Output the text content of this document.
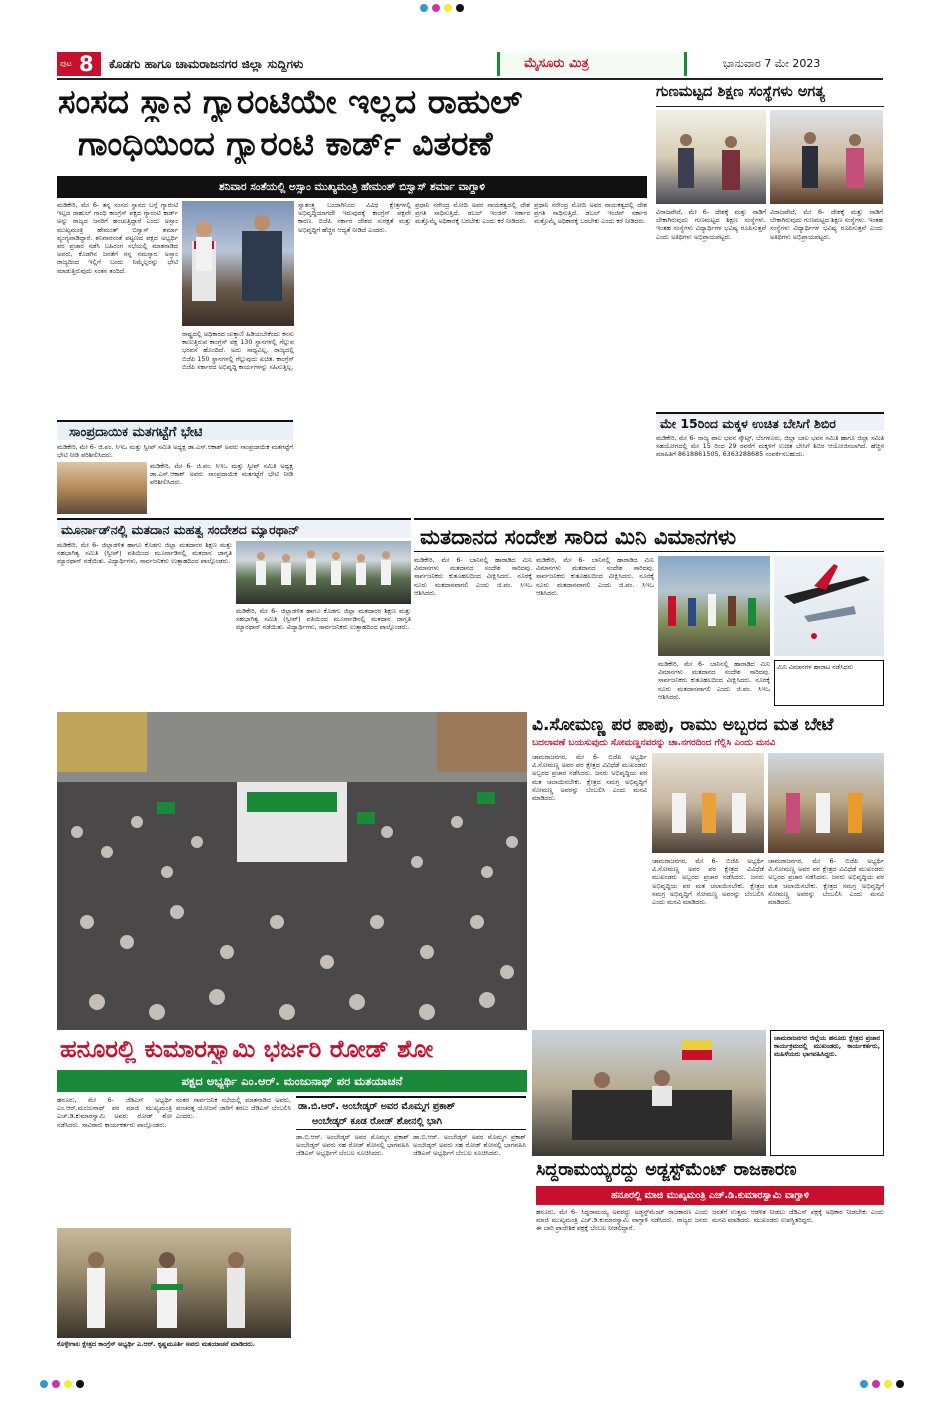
ಪುಟ 8 ಕೊಡಗು ಹಾಗೂ ಚಾಮರಾಜನಗರ ಜಿಲ್ಲಾ ಸುದ್ದಿಗಳು	ಮೈಸೂರು ಮಿತ್ರ	ಭಾನುವಾರ 7 ಮೇ 2023
ಸಂಸದ ಸ್ಥಾನ ಗ್ಯಾರಂಟಿಯೇ ಇಲ್ಲದ ರಾಹುಲ್
ಗಾಂಧಿಯಿಂದ ಗ್ಯಾರಂಟಿ ಕಾರ್ಡ್ ವಿತರಣೆ
ಶನಿವಾರ ಸಂತೆಯಲ್ಲಿ ಅಸ್ಸಾಂ ಮುಖ್ಯಮಂತ್ರಿ ಹೇಮಂತ್ ಬಿಸ್ವಾಸ್ ಶರ್ಮಾ ವಾಗ್ದಾಳಿ
ಮಡಿಕೇರಿ, ಮೇ 6- ತನ್ನ ಸಂಸದ ಸ್ಥಾನದ ಬಗ್ಗೆ ಗ್ಯಾರಂಟಿ ಇಲ್ಲದ ರಾಹುಲ್ ಗಾಂಧಿ ಕಾಂಗ್ರೆಸ್ ಪಕ್ಷದ ಗ್ಯಾರಂಟಿ ಕಾರ್ಡ್ ಅನ್ನು ರಾಜ್ಯದ ಜನರಿಗೆ ಹಂಚುತ್ತಿದ್ದಾರೆ ಎಂದು ಅಸ್ಸಾಂ ಮುಖ್ಯಮಂತ್ರಿ ಹೇಮಂತ್ ಬಿಸ್ವಾಸ್ ಶರ್ಮಾ ವ್ಯಂಗ್ಯವಾಡಿದ್ದಾರೆ. ಶನಿವಾರಸಂತೆ ಪಟ್ಟಣದ ಪಕ್ಷದ ಅಭ್ಯರ್ಥಿ ಪರ ಪ್ರಚಾರ ನಡೆಸಿ ಬಹಿರಂಗ ಸಭೆಯಲ್ಲಿ ಮಾತನಾಡಿದ ಅವರು, ಕೊಡಗಿನ ಜನತೆಗೆ ನನ್ನ ನಮಸ್ಕಾರ. ಅಸ್ಸಾಂ ರಾಜ್ಯದಿಂದ ಇಲ್ಲಿಗೆ ಬಂದು ನಿಮ್ಮೆಲ್ಲರನ್ನು ಭೇಟಿ ಮಾಡುತ್ತಿರುವುದು ಸಂತಸ ತಂದಿದೆ.
ರಾಷ್ಟ್ರದಲ್ಲಿ ಅಧಿಕಾರದ ಚುಕ್ಕಾಣಿ ಹಿಡಿಯಬೇಕೆಂದು ಕನಸು ಕಾಣುತ್ತಿರುವ ಕಾಂಗ್ರೆಸ್ ಪಕ್ಷ 130 ಸ್ಥಾನಗಳಲ್ಲಿ ಗೆಲ್ಲುವ ಭರವಸೆ ಹೊಂದಿದೆ. ಅದು ಸಾಧ್ಯವಿಲ್ಲ. ರಾಜ್ಯದಲ್ಲಿ ಬಿಜೆಪಿ 150 ಸ್ಥಾನಗಳಲ್ಲಿ ಗೆಲ್ಲುವುದು ಖಚಿತ. ಕಾಂಗ್ರೆಸ್ ಬಿಜೆಪಿ ಸರ್ಕಾರದ ಅಭಿವೃದ್ಧಿ ಕಾರ್ಯಗಳನ್ನು ಸಹಿಸುತ್ತಿಲ್ಲ.
ಸ್ವಾತಂತ್ರ್ಯ ಬಂದಾಗಿನಿಂದ ವಿವಿಧ ಕ್ಷೇತ್ರಗಳಲ್ಲಿ ಅಭಿವೃದ್ಧಿಯಾಗದೇ ಇರುವುದಕ್ಕೆ ಕಾಂಗ್ರೆಸ್ ಪಕ್ಷವೇ ಕಾರಣ. ಬಿಜೆಪಿ ಸರ್ಕಾರ ದೇಶದ ಸುರಕ್ಷತೆ ಮತ್ತು ಅಭಿವೃದ್ಧಿಗೆ ಹೆಚ್ಚಿನ ಆದ್ಯತೆ ನೀಡಿದೆ ಎಂದರು.
ಪ್ರಧಾನಿ ನರೇಂದ್ರ ಮೋದಿ ಅವರ ನಾಯಕತ್ವದಲ್ಲಿ ದೇಶ ಪ್ರಗತಿ ಸಾಧಿಸುತ್ತಿದೆ. ಡಬಲ್ ಇಂಜಿನ್ ಸರ್ಕಾರ ಮತ್ತೊಮ್ಮೆ ಅಧಿಕಾರಕ್ಕೆ ಬರಬೇಕು ಎಂದು ಕರೆ ನೀಡಿದರು.
ಪ್ರಧಾನಿ ನರೇಂದ್ರ ಮೋದಿ ಅವರ ನಾಯಕತ್ವದಲ್ಲಿ ದೇಶ ಪ್ರಗತಿ ಸಾಧಿಸುತ್ತಿದೆ. ಡಬಲ್ ಇಂಜಿನ್ ಸರ್ಕಾರ ಮತ್ತೊಮ್ಮೆ ಅಧಿಕಾರಕ್ಕೆ ಬರಬೇಕು ಎಂದು ಕರೆ ನೀಡಿದರು.
ಸಾಂಪ್ರದಾಯಿಕ ಮತಗಟ್ಟೆಗೆ ಭೇಟಿ
ಮಡಿಕೇರಿ, ಮೇ 6- ಜಿ.ಪಂ. ಸಿಇಒ ಮತ್ತು ಸ್ವೀಪ್ ಸಮಿತಿ ಅಧ್ಯಕ್ಷ ಡಾ.ಎಸ್.ಆಕಾಶ್ ಅವರು ಸಾಂಪ್ರದಾಯಿಕ ಮತಗಟ್ಟೆಗೆ ಭೇಟಿ ನೀಡಿ ಪರಿಶೀಲಿಸಿದರು.
ಮಡಿಕೇರಿ, ಮೇ 6- ಜಿ.ಪಂ. ಸಿಇಒ ಮತ್ತು ಸ್ವೀಪ್ ಸಮಿತಿ ಅಧ್ಯಕ್ಷ ಡಾ.ಎಸ್.ಆಕಾಶ್ ಅವರು ಸಾಂಪ್ರದಾಯಿಕ ಮತಗಟ್ಟೆಗೆ ಭೇಟಿ ನೀಡಿ ಪರಿಶೀಲಿಸಿದರು.
ಗುಣಮಟ್ಟದ ಶಿಕ್ಷಣ ಸಂಸ್ಥೆಗಳು ಅಗತ್ಯ
ವಿರಾಜಪೇಟೆ, ಮೇ 6- ದೇಶಕ್ಕೆ ಮತ್ತು ನಾಡಿಗೆ ಬೇಕಾಗಿರುವುದು ಗುಣಮಟ್ಟದ ಶಿಕ್ಷಣ ಸಂಸ್ಥೆಗಳು. ಇಂತಹ ಸಂಸ್ಥೆಗಳು ವಿದ್ಯಾರ್ಥಿಗಳ ಭವಿಷ್ಯ ರೂಪಿಸುತ್ತವೆ ಎಂದು ಅತಿಥಿಗಳು ಅಭಿಪ್ರಾಯಪಟ್ಟರು.
ವಿರಾಜಪೇಟೆ, ಮೇ 6- ದೇಶಕ್ಕೆ ಮತ್ತು ನಾಡಿಗೆ ಬೇಕಾಗಿರುವುದು ಗುಣಮಟ್ಟದ ಶಿಕ್ಷಣ ಸಂಸ್ಥೆಗಳು. ಇಂತಹ ಸಂಸ್ಥೆಗಳು ವಿದ್ಯಾರ್ಥಿಗಳ ಭವಿಷ್ಯ ರೂಪಿಸುತ್ತವೆ ಎಂದು ಅತಿಥಿಗಳು ಅಭಿಪ್ರಾಯಪಟ್ಟರು.
ಮೇ 15ರಿಂದ ಮಕ್ಕಳ ಉಚಿತ ಬೇಸಿಗೆ ಶಿಬಿರ
ಮಡಿಕೇರಿ, ಮೇ 6- ರಾಜ್ಯ ಪಾಲ ಭವನ ಸ್ಕೌಟ್ಸ್, ಬೆಂಗಳೂರು, ಜಿಲ್ಲಾ ಬಾಲ ಭವನ ಸಮಿತಿ ಹಾಗೂ ಜಿಲ್ಲಾ ಸಮಿತಿ ಸಹಯೋಗದಲ್ಲಿ ಮೇ 15 ರಿಂದ 29 ರವರೆಗೆ ಮಕ್ಕಳಿಗೆ ಉಚಿತ ಬೇಸಿಗೆ ಶಿಬಿರ ಆಯೋಜಿಸಲಾಗಿದೆ. ಹೆಚ್ಚಿನ ಮಾಹಿತಿಗೆ 8618861505, 6363288685 ಸಂಪರ್ಕಿಸಬಹುದು.
ಮೂರ್ನಾಡ್‌ನಲ್ಲಿ ಮತದಾನ ಮಹತ್ವ ಸಂದೇಶದ ಮ್ಯಾರಥಾನ್
ಮಡಿಕೇರಿ, ಮೇ 6- ಜಿಲ್ಲಾಡಳಿತ ಹಾಗೂ ಕೊಡಗು ಜಿಲ್ಲಾ ಮತದಾರರ ಶಿಕ್ಷಣ ಮತ್ತು ಸಹಭಾಗಿತ್ವ ಸಮಿತಿ (ಸ್ವೀಪ್) ವತಿಯಿಂದ ಮೂರ್ನಾಡಿನಲ್ಲಿ ಮತದಾನ ಜಾಗೃತಿ ಮ್ಯಾರಥಾನ್ ನಡೆಯಿತು. ವಿದ್ಯಾರ್ಥಿಗಳು, ಸಾರ್ವಜನಿಕರು ಉತ್ಸಾಹದಿಂದ ಪಾಲ್ಗೊಂಡರು.
ಮಡಿಕೇರಿ, ಮೇ 6- ಜಿಲ್ಲಾಡಳಿತ ಹಾಗೂ ಕೊಡಗು ಜಿಲ್ಲಾ ಮತದಾರರ ಶಿಕ್ಷಣ ಮತ್ತು ಸಹಭಾಗಿತ್ವ ಸಮಿತಿ (ಸ್ವೀಪ್) ವತಿಯಿಂದ ಮೂರ್ನಾಡಿನಲ್ಲಿ ಮತದಾನ ಜಾಗೃತಿ ಮ್ಯಾರಥಾನ್ ನಡೆಯಿತು. ವಿದ್ಯಾರ್ಥಿಗಳು, ಸಾರ್ವಜನಿಕರು ಉತ್ಸಾಹದಿಂದ ಪಾಲ್ಗೊಂಡರು.
ಮತದಾನದ ಸಂದೇಶ ಸಾರಿದ ಮಿನಿ ವಿಮಾನಗಳು
ಮಡಿಕೇರಿ, ಮೇ 6- ಬಾನಿನಲ್ಲಿ ಹಾರಾಡಿದ ಮಿನಿ ವಿಮಾನಗಳು ಮತದಾನದ ಸಂದೇಶ ಸಾರಿದವು. ಸಾರ್ವಜನಿಕರು ಕುತೂಹಲದಿಂದ ವೀಕ್ಷಿಸಿದರು. ನೂರಕ್ಕೆ ನೂರು ಮತದಾನವಾಗಲಿ ಎಂದು ಜಿ.ಪಂ. ಸಿಇಒ ಆಶಿಸಿದರು.
ಮಡಿಕೇರಿ, ಮೇ 6- ಬಾನಿನಲ್ಲಿ ಹಾರಾಡಿದ ಮಿನಿ ವಿಮಾನಗಳು ಮತದಾನದ ಸಂದೇಶ ಸಾರಿದವು. ಸಾರ್ವಜನಿಕರು ಕುತೂಹಲದಿಂದ ವೀಕ್ಷಿಸಿದರು. ನೂರಕ್ಕೆ ನೂರು ಮತದಾನವಾಗಲಿ ಎಂದು ಜಿ.ಪಂ. ಸಿಇಒ ಆಶಿಸಿದರು.
ಮಿನಿ ವಿಮಾನಗಳ ಹಾರಾಟ ನಡೆಸಿದರು
ಮಡಿಕೇರಿ, ಮೇ 6- ಬಾನಿನಲ್ಲಿ ಹಾರಾಡಿದ ಮಿನಿ ವಿಮಾನಗಳು ಮತದಾನದ ಸಂದೇಶ ಸಾರಿದವು. ಸಾರ್ವಜನಿಕರು ಕುತೂಹಲದಿಂದ ವೀಕ್ಷಿಸಿದರು. ನೂರಕ್ಕೆ ನೂರು ಮತದಾನವಾಗಲಿ ಎಂದು ಜಿ.ಪಂ. ಸಿಇಒ ಆಶಿಸಿದರು.
ವಿ.ಸೋಮಣ್ಣ ಪರ ಪಾಪು, ರಾಮು ಅಬ್ಬರದ ಮತ ಬೇಟೆ
ಬದಲಾವಣೆ ಬಯಸುವುದು ಸೋಮಣ್ಣನವರನ್ನು ಚಾ.ನಗರದಿಂದ ಗೆಲ್ಲಿಸಿ ಎಂದು ಮನವಿ
ಚಾಮರಾಜನಗರ, ಮೇ 6- ಬಿಜೆಪಿ ಅಭ್ಯರ್ಥಿ ವಿ.ಸೋಮಣ್ಣ ಅವರ ಪರ ಕ್ಷೇತ್ರದ ವಿವಿಧೆಡೆ ಮುಖಂಡರು ಅಬ್ಬರದ ಪ್ರಚಾರ ನಡೆಸಿದರು. ಜನರು ಅಭಿವೃದ್ಧಿಯ ಪರ ಮತ ಚಲಾಯಿಸಬೇಕು. ಕ್ಷೇತ್ರದ ಸಮಗ್ರ ಅಭಿವೃದ್ಧಿಗೆ ಸೋಮಣ್ಣ ಅವರನ್ನು ಬೆಂಬಲಿಸಿ ಎಂದು ಮನವಿ ಮಾಡಿದರು.
ಚಾಮರಾಜನಗರ, ಮೇ 6- ಬಿಜೆಪಿ ಅಭ್ಯರ್ಥಿ ವಿ.ಸೋಮಣ್ಣ ಅವರ ಪರ ಕ್ಷೇತ್ರದ ವಿವಿಧೆಡೆ ಮುಖಂಡರು ಅಬ್ಬರದ ಪ್ರಚಾರ ನಡೆಸಿದರು. ಜನರು ಅಭಿವೃದ್ಧಿಯ ಪರ ಮತ ಚಲಾಯಿಸಬೇಕು. ಕ್ಷೇತ್ರದ ಸಮಗ್ರ ಅಭಿವೃದ್ಧಿಗೆ ಸೋಮಣ್ಣ ಅವರನ್ನು ಬೆಂಬಲಿಸಿ ಎಂದು ಮನವಿ ಮಾಡಿದರು.
ಚಾಮರಾಜನಗರ, ಮೇ 6- ಬಿಜೆಪಿ ಅಭ್ಯರ್ಥಿ ವಿ.ಸೋಮಣ್ಣ ಅವರ ಪರ ಕ್ಷೇತ್ರದ ವಿವಿಧೆಡೆ ಮುಖಂಡರು ಅಬ್ಬರದ ಪ್ರಚಾರ ನಡೆಸಿದರು. ಜನರು ಅಭಿವೃದ್ಧಿಯ ಪರ ಮತ ಚಲಾಯಿಸಬೇಕು. ಕ್ಷೇತ್ರದ ಸಮಗ್ರ ಅಭಿವೃದ್ಧಿಗೆ ಸೋಮಣ್ಣ ಅವರನ್ನು ಬೆಂಬಲಿಸಿ ಎಂದು ಮನವಿ ಮಾಡಿದರು.
ಹನೂರಲ್ಲಿ ಕುಮಾರಸ್ವಾಮಿ ಭರ್ಜರಿ ರೋಡ್ ಶೋ
ಪಕ್ಷದ ಅಭ್ಯರ್ಥಿ ಎಂ.ಆರ್. ಮಂಜುನಾಥ್ ಪರ ಮತಯಾಚನೆ
ಹನೂರು, ಮೇ 6- ಜೆಡಿಎಸ್ ಅಭ್ಯರ್ಥಿ ಎಂ.ಆರ್.ಮಂಜುನಾಥ್ ಪರ ಮಾಜಿ ಮುಖ್ಯಮಂತ್ರಿ ಎಚ್.ಡಿ.ಕುಮಾರಸ್ವಾಮಿ ಅವರು ರೋಡ್ ಶೋ ನಡೆಸಿದರು. ಸಾವಿರಾರು ಕಾರ್ಯಕರ್ತರು ಪಾಲ್ಗೊಂಡರು.
ನಂತರ ಸಾರ್ವಜನಿಕ ಸಭೆಯಲ್ಲಿ ಮಾತನಾಡಿದ ಅವರು, ಪಂಚರತ್ನ ಯೋಜನೆ ಜಾರಿಗೆ ತರಲು ಜೆಡಿಎಸ್ ಬೆಂಬಲಿಸಿ ಎಂದರು.
ಡಾ.ಬಿ.ಆರ್. ಅಂಬೇಡ್ಕರ್ ಅವರ ಮೊಮ್ಮಗ ಪ್ರಕಾಶ್
ಅಂಬೇಡ್ಕರ್ ಕೂಡ ರೋಡ್ ಶೋನಲ್ಲಿ ಭಾಗಿ
ಡಾ.ಬಿ.ಆರ್. ಅಂಬೇಡ್ಕರ್ ಅವರ ಮೊಮ್ಮಗ ಪ್ರಕಾಶ್ ಅಂಬೇಡ್ಕರ್ ಅವರು ಸಹ ರೋಡ್ ಶೋನಲ್ಲಿ ಭಾಗವಹಿಸಿ ಜೆಡಿಎಸ್ ಅಭ್ಯರ್ಥಿಗೆ ಬೆಂಬಲ ಸೂಚಿಸಿದರು.
ಡಾ.ಬಿ.ಆರ್. ಅಂಬೇಡ್ಕರ್ ಅವರ ಮೊಮ್ಮಗ ಪ್ರಕಾಶ್ ಅಂಬೇಡ್ಕರ್ ಅವರು ಸಹ ರೋಡ್ ಶೋನಲ್ಲಿ ಭಾಗವಹಿಸಿ ಜೆಡಿಎಸ್ ಅಭ್ಯರ್ಥಿಗೆ ಬೆಂಬಲ ಸೂಚಿಸಿದರು.
ಕೊಳ್ಳೇಗಾಲ ಕ್ಷೇತ್ರದ ಕಾಂಗ್ರೆಸ್ ಅಭ್ಯರ್ಥಿ ಎ.ಆರ್. ಕೃಷ್ಣಮೂರ್ತಿ ಅವರು ಮತಯಾಚನೆ ಮಾಡಿದರು.
ಚಾಮರಾಜನಗರ ಜಿಲ್ಲೆಯ ಹನೂರು ಕ್ಷೇತ್ರದ ಪ್ರಚಾರ ಕಾರ್ಯಕ್ರಮದಲ್ಲಿ ಮುಖಂಡರು, ಕಾರ್ಯಕರ್ತರು, ಮಹಿಳೆಯರು ಭಾಗವಹಿಸಿದ್ದರು.
ಸಿದ್ದರಾಮಯ್ಯರದ್ದು ಅಡ್ಜಸ್ಟ್‌ಮೆಂಟ್ ರಾಜಕಾರಣ
ಹನೂರಲ್ಲಿ ಮಾಜಿ ಮುಖ್ಯಮಂತ್ರಿ ಎಚ್.ಡಿ.ಕುಮಾರಸ್ವಾಮಿ ವಾಗ್ದಾಳಿ
ಹನೂರು, ಮೇ 6- ಸಿದ್ದರಾಮಯ್ಯ ಅವರದ್ದು ಅಡ್ಜಸ್ಟ್‌ಮೆಂಟ್ ರಾಜಕಾರಣ ಎಂದು ಮಾಜಿ ಮುಖ್ಯಮಂತ್ರಿ ಎಚ್.ಡಿ.ಕುಮಾರಸ್ವಾಮಿ ವಾಗ್ದಾಳಿ ನಡೆಸಿದರು. ರಾಜ್ಯದ ಜನರು ಈ ಬಾರಿ ಪ್ರಾದೇಶಿಕ ಪಕ್ಷಕ್ಕೆ ಬೆಂಬಲ ನೀಡಲಿದ್ದಾರೆ.
ಜನತೆಗೆ ಉತ್ತಮ ಆಡಳಿತ ನೀಡಲು ಜೆಡಿಎಸ್ ಪಕ್ಷಕ್ಕೆ ಅಧಿಕಾರ ನೀಡಬೇಕು ಎಂದು ಮನವಿ ಮಾಡಿದರು. ಮುಖಂಡರು ಉಪಸ್ಥಿತರಿದ್ದರು.
